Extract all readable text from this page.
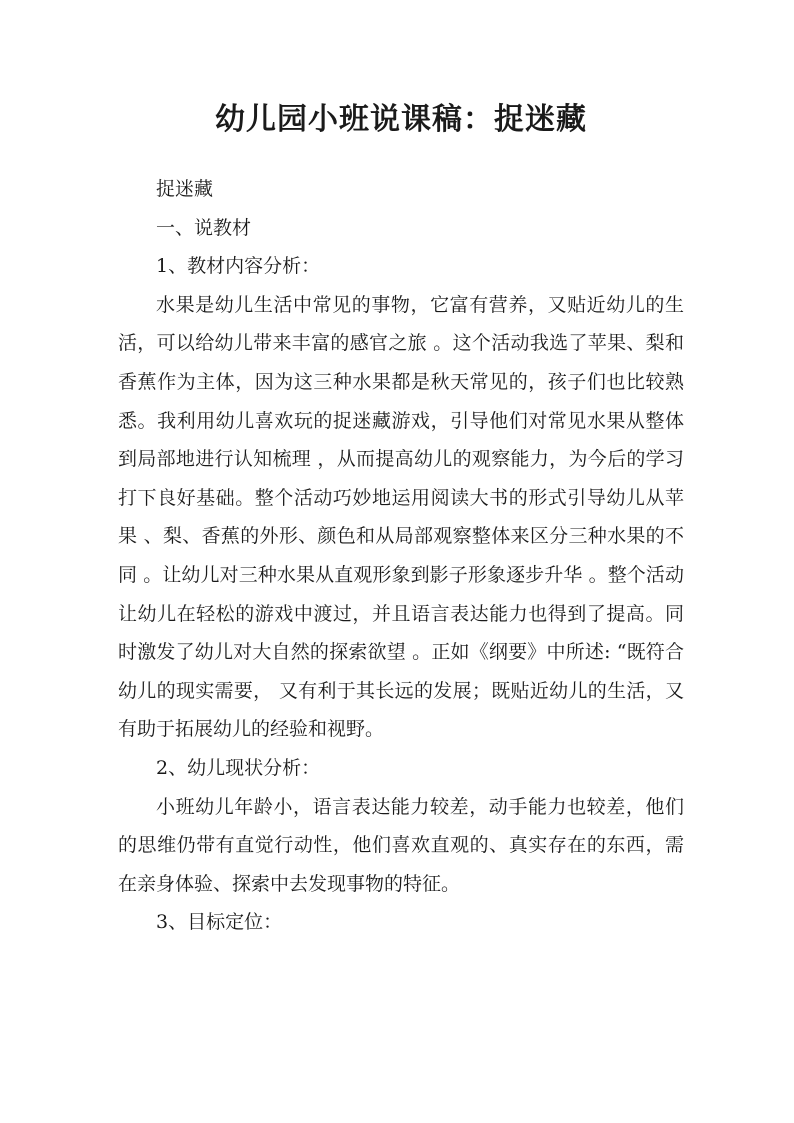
幼儿园小班说课稿：捉迷藏

捉迷藏

一、说教材

1、教材内容分析：

水果是幼儿生活中常见的事物，它富有营养，又贴近幼儿的生活，可以给幼儿带来丰富的感官之旅 。这个活动我选了苹果、梨和香蕉作为主体，因为这三种水果都是秋天常见的，孩子们也比较熟悉。我利用幼儿喜欢玩的捉迷藏游戏，引导他们对常见水果从整体到局部地进行认知梳理 ，从而提高幼儿的观察能力，为今后的学习打下良好基础。整个活动巧妙地运用阅读大书的形式引导幼儿从苹果 、梨、香蕉的外形、颜色和从局部观察整体来区分三种水果的不同 。让幼儿对三种水果从直观形象到影子形象逐步升华 。整个活动让幼儿在轻松的游戏中渡过，并且语言表达能力也得到了提高。同时激发了幼儿对大自然的探索欲望 。正如《纲要》中所述: “既符合幼儿的现实需要， 又有利于其长远的发展；既贴近幼儿的生活，又有助于拓展幼儿的经验和视野。

2、幼儿现状分析：

小班幼儿年龄小，语言表达能力较差，动手能力也较差，他们的思维仍带有直觉行动性，他们喜欢直观的、真实存在的东西，需在亲身体验、探索中去发现事物的特征。

3、目标定位：
